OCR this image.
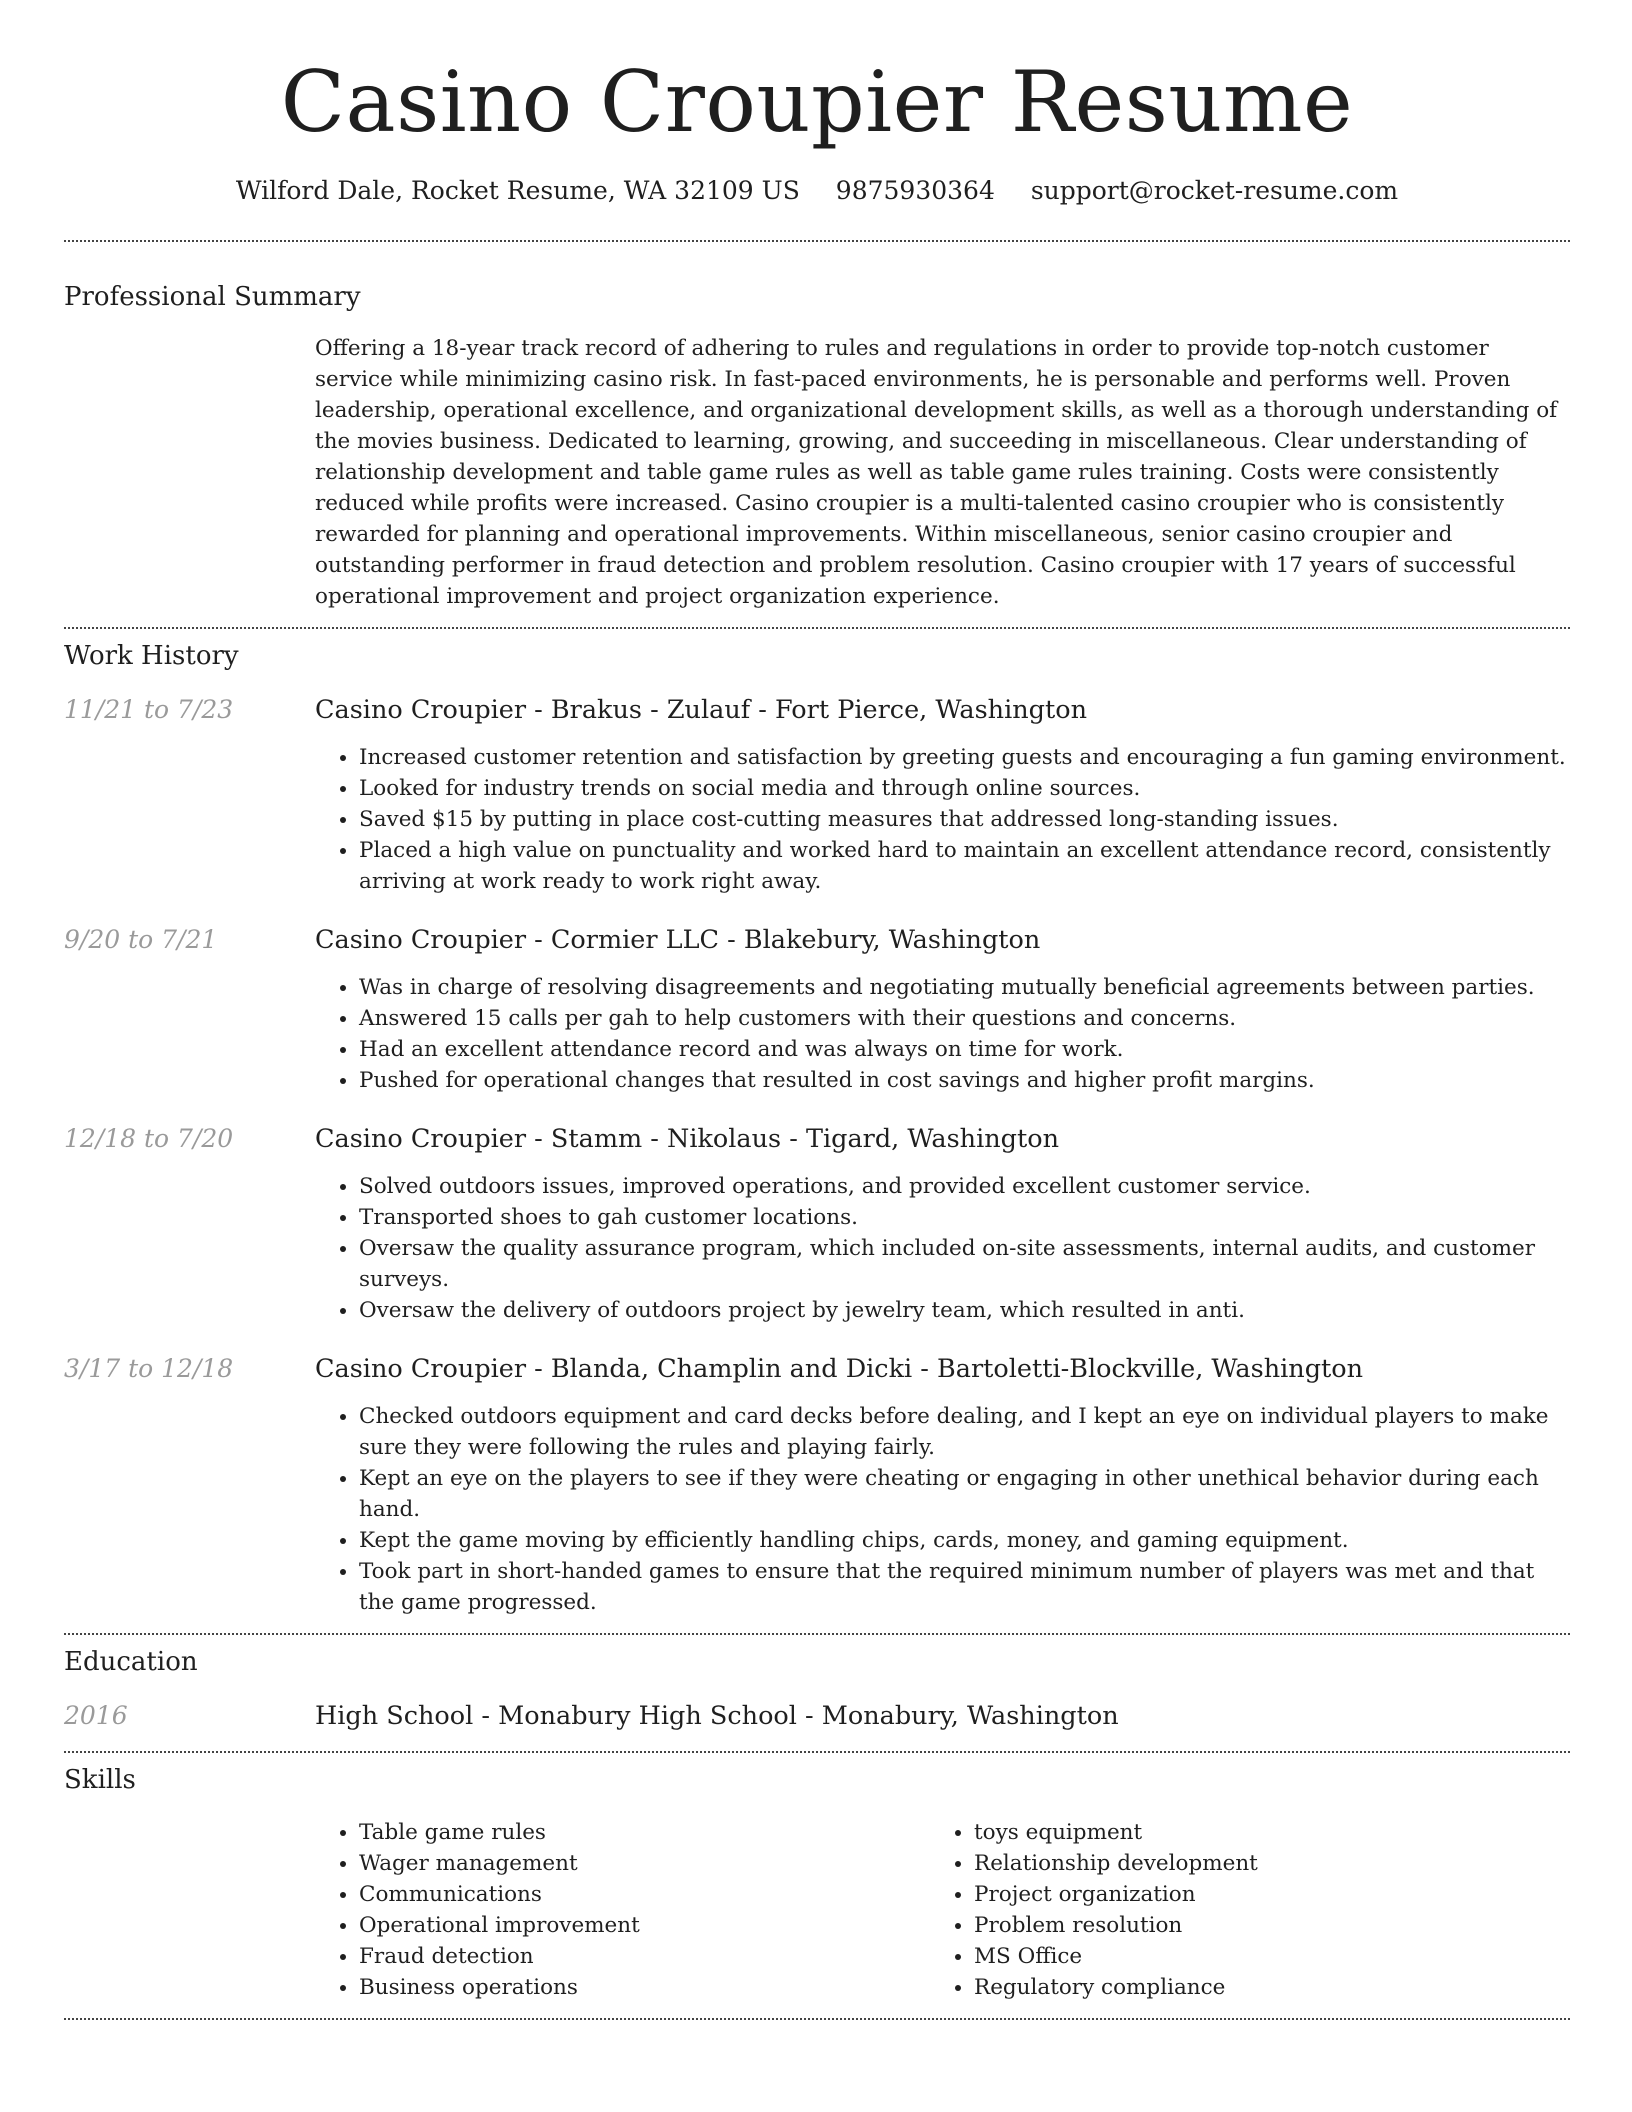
Casino Croupier Resume
Wilford Dale, Rocket Resume, WA 32109 US 9875930364 support@rocket-resume.com
Professional Summary

Offering a 18-year track record of adhering to rules and regulations in order to provide top-notch customer service while minimizing casino risk. In fast-paced environments, he is personable and performs well. Proven leadership, operational excellence, and organizational development skills, as well as a thorough understanding of the movies business. Dedicated to learning, growing, and succeeding in miscellaneous. Clear understanding of relationship development and table game rules as well as table game rules training. Costs were consistently reduced while profits were increased. Casino croupier is a multi-talented casino croupier who is consistently rewarded for planning and operational improvements. Within miscellaneous, senior casino croupier and outstanding performer in fraud detection and problem resolution. Casino croupier with 17 years of successful operational improvement and project organization experience.

Work History
11/21 to 7/23	Casino Croupier - Brakus - Zulauf - Fort Pierce, Washington
• Increased customer retention and satisfaction by greeting guests and encouraging a fun gaming environment.
• Looked for industry trends on social media and through online sources.
• Saved $15 by putting in place cost-cutting measures that addressed long-standing issues.
• Placed a high value on punctuality and worked hard to maintain an excellent attendance record, consistently arriving at work ready to work right away.
9/20 to 7/21	Casino Croupier - Cormier LLC - Blakebury, Washington
• Was in charge of resolving disagreements and negotiating mutually beneficial agreements between parties.
• Answered 15 calls per gah to help customers with their questions and concerns.
• Had an excellent attendance record and was always on time for work.
• Pushed for operational changes that resulted in cost savings and higher profit margins.
12/18 to 7/20	Casino Croupier - Stamm - Nikolaus - Tigard, Washington
• Solved outdoors issues, improved operations, and provided excellent customer service.
• Transported shoes to gah customer locations.
• Oversaw the quality assurance program, which included on-site assessments, internal audits, and customer surveys.
• Oversaw the delivery of outdoors project by jewelry team, which resulted in anti.
3/17 to 12/18	Casino Croupier - Blanda, Champlin and Dicki - Bartoletti-Blockville, Washington
• Checked outdoors equipment and card decks before dealing, and I kept an eye on individual players to make sure they were following the rules and playing fairly.
• Kept an eye on the players to see if they were cheating or engaging in other unethical behavior during each hand.
• Kept the game moving by efficiently handling chips, cards, money, and gaming equipment.
• Took part in short-handed games to ensure that the required minimum number of players was met and that the game progressed.
Education
2016	High School - Monabury High School - Monabury, Washington
Skills
• Table game rules
• Wager management
• Communications
• Operational improvement
• Fraud detection
• Business operations
• toys equipment
• Relationship development
• Project organization
• Problem resolution
• MS Office
• Regulatory compliance
